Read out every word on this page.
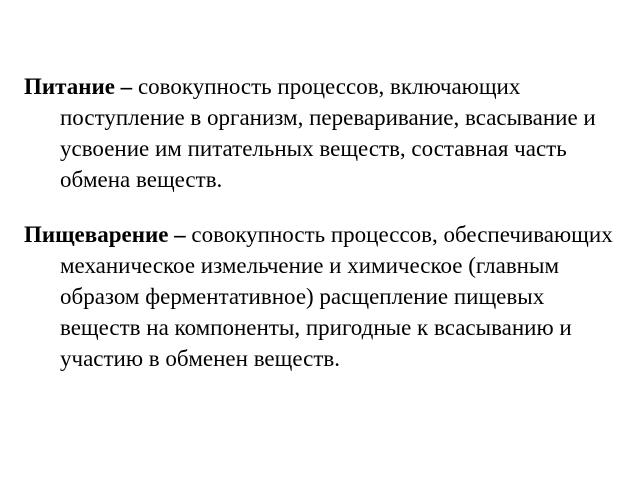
Питание – совокупность процессов, включающих поступление в организм, переваривание, всасывание и усвоение им питательных веществ, составная часть обмена веществ.

Пищеварение – совокупность процессов, обеспечивающих механическое измельчение и химическое (главным образом ферментативное) расщепление пищевых веществ на компоненты, пригодные к всасыванию и участию в обменен веществ.
